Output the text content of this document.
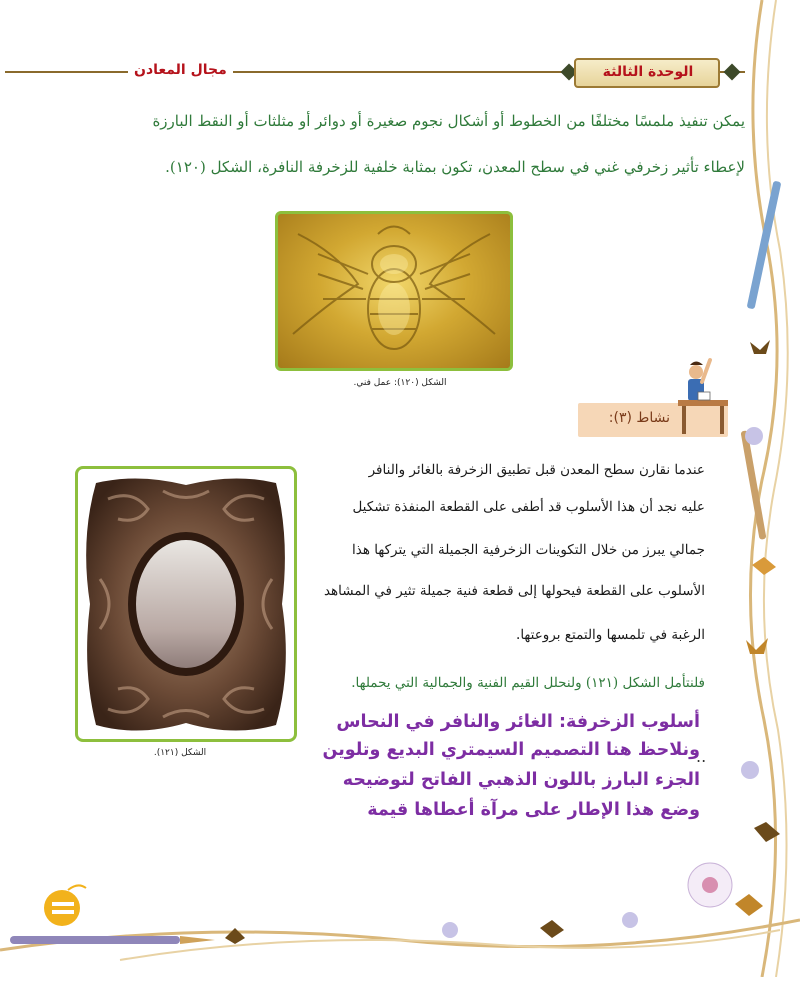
الوحدة الثالثة
مجال المعادن
يمكن تنفيذ ملمسًا مختلفًا من الخطوط أو أشكال نجوم صغيرة أو دوائر أو مثلثات أو النقط البارزة
لإعطاء تأثير زخرفي غني في سطح المعدن، تكون بمثابة خلفية للزخرفة النافرة، الشكل (١٢٠).
الشكل (١٢٠): عمل فني.
نشاط (٣):
عندما نقارن سطح المعدن قبل تطبيق الزخرفة بالغائر والنافر
عليه نجد أن هذا الأسلوب قد أطفى على القطعة المنفذة تشكيل
جمالي يبرز من خلال التكوينات الزخرفية الجميلة التي يتركها هذا
الأسلوب على القطعة فيحولها إلى قطعة فنية جميلة تثير في المشاهد
الرغبة في تلمسها والتمتع بروعتها.
فلنتأمل الشكل (١٢١) ولنحلل القيم الفنية والجمالية التي يحملها.
الشكل (١٢١).
أسلوب الزخرفة: الغائر والنافر في النحاس
ونلاحظ هنا التصميم السيمتري البديع وتلوين
الجزء البارز باللون الذهبي الفاتح لتوضيحه
وضع هذا الإطار على مرآة أعطاها قيمة
..
